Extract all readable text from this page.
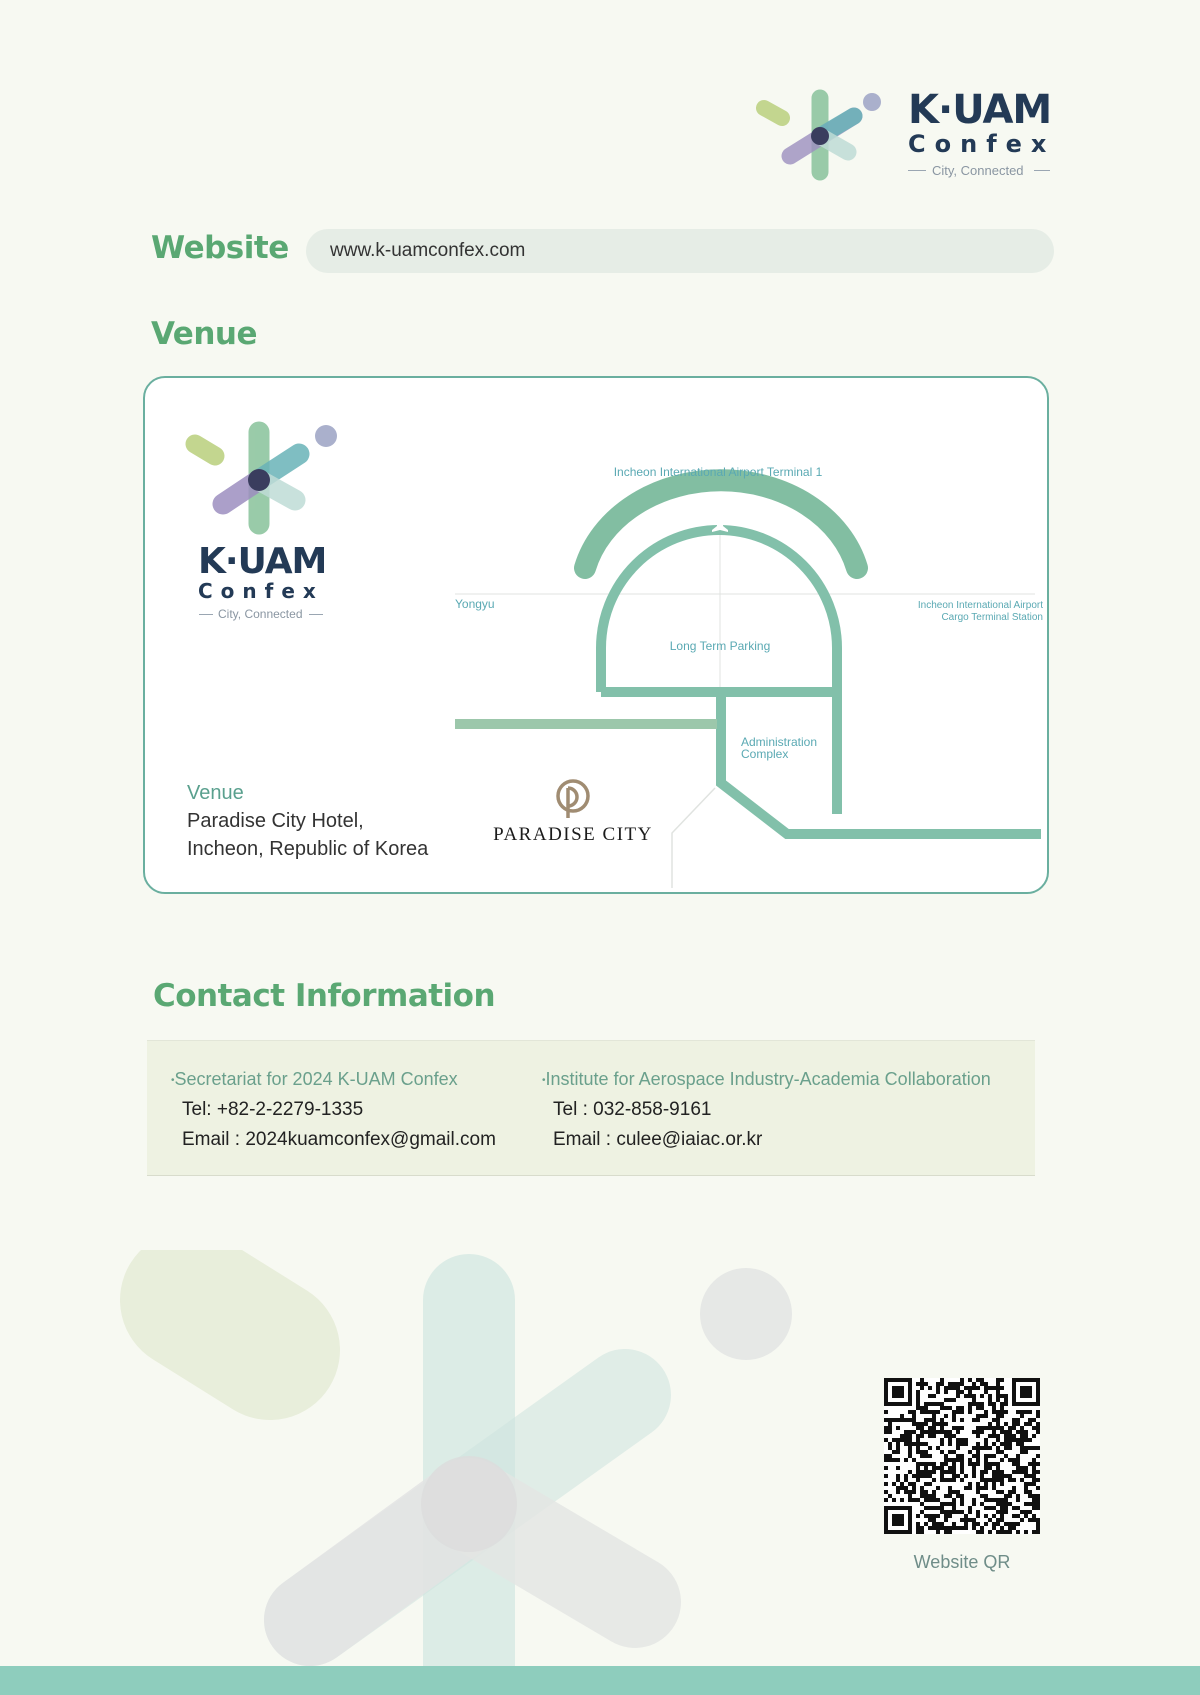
K·UAM
Confex
City, Connected
Website www.k-uamconfex.com
Venue
K·UAM
Confex
City, Connected
Venue
Paradise City Hotel,
Incheon, Republic of Korea
Incheon International Airport Terminal 1
Yongyu	Incheon International Airport
Cargo Terminal Station
Long Term Parking
Administration
Complex
PARADISE CITY
Contact Information
•Secretariat for 2024 K-UAM Confex
Tel: +82-2-2279-1335
Email : 2024kuamconfex@gmail.com
•Institute for Aerospace Industry-Academia Collaboration
Tel : 032-858-9161
Email : culee@iaiac.or.kr
Website QR
